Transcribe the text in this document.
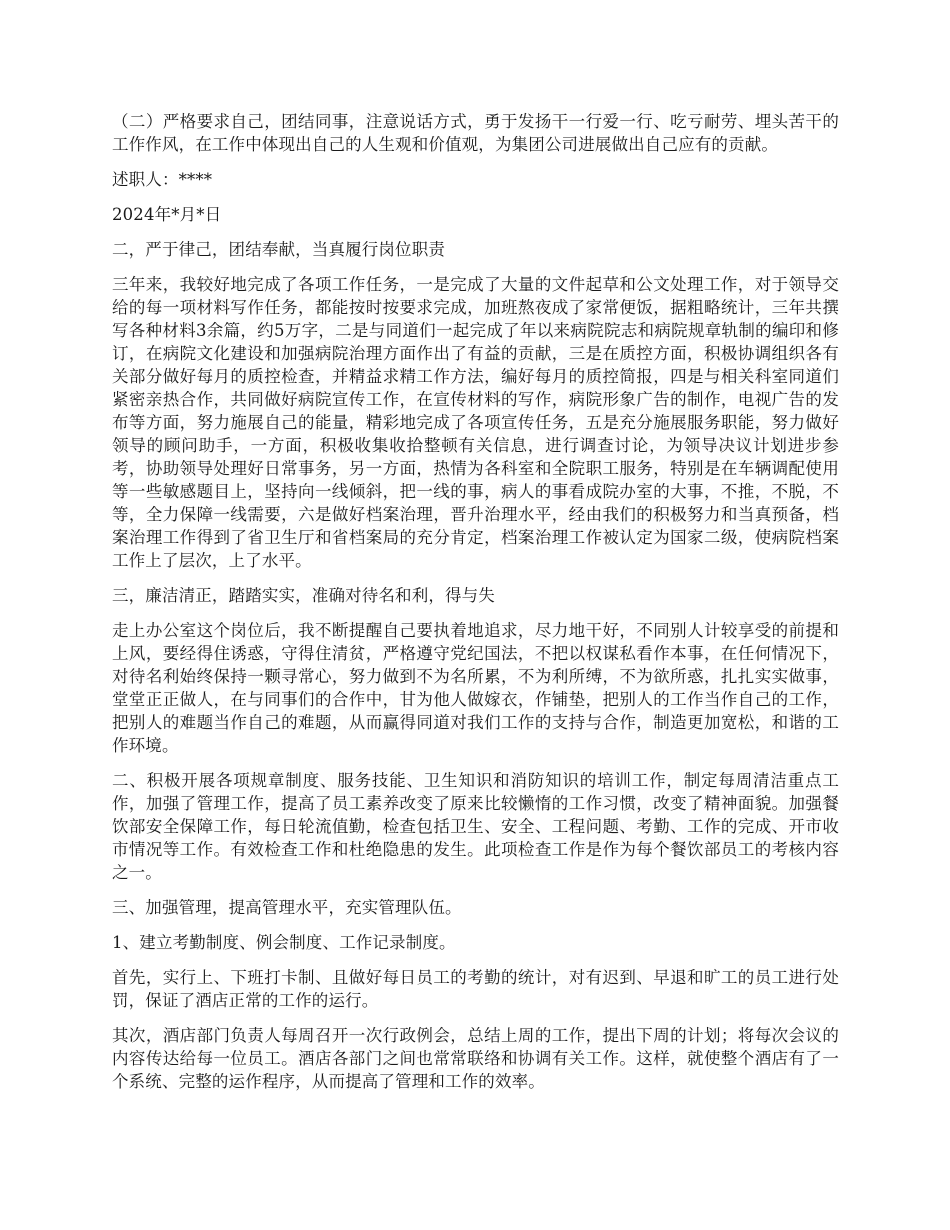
（二）严格要求自己，团结同事，注意说话方式，勇于发扬干一行爱一行、吃亏耐劳、埋头苦干的工作作风，在工作中体现出自己的人生观和价值观，为集团公司进展做出自己应有的贡献。

述职人：****

2024年*月*日

二，严于律己，团结奉献，当真履行岗位职责

三年来，我较好地完成了各项工作任务，一是完成了大量的文件起草和公文处理工作，对于领导交给的每一项材料写作任务，都能按时按要求完成，加班熬夜成了家常便饭，据粗略统计，三年共撰写各种材料3余篇，约5万字，二是与同道们一起完成了年以来病院院志和病院规章轨制的编印和修订，在病院文化建设和加强病院治理方面作出了有益的贡献，三是在质控方面，积极协调组织各有关部分做好每月的质控检查，并精益求精工作方法，编好每月的质控简报，四是与相关科室同道们紧密亲热合作，共同做好病院宣传工作，在宣传材料的写作，病院形象广告的制作，电视广告的发布等方面，努力施展自己的能量，精彩地完成了各项宣传任务，五是充分施展服务职能，努力做好领导的顾问助手，一方面，积极收集收拾整顿有关信息，进行调查讨论，为领导决议计划进步参考，协助领导处理好日常事务，另一方面，热情为各科室和全院职工服务，特别是在车辆调配使用等一些敏感题目上，坚持向一线倾斜，把一线的事，病人的事看成院办室的大事，不推，不脱，不等，全力保障一线需要，六是做好档案治理，晋升治理水平，经由我们的积极努力和当真预备，档案治理工作得到了省卫生厅和省档案局的充分肯定，档案治理工作被认定为国家二级，使病院档案工作上了层次，上了水平。

三，廉洁清正，踏踏实实，准确对待名和利，得与失

走上办公室这个岗位后，我不断提醒自己要执着地追求，尽力地干好，不同别人计较享受的前提和上风，要经得住诱惑，守得住清贫，严格遵守党纪国法，不把以权谋私看作本事，在任何情况下，对待名利始终保持一颗寻常心，努力做到不为名所累，不为利所缚，不为欲所惑，扎扎实实做事，堂堂正正做人，在与同事们的合作中，甘为他人做嫁衣，作铺垫，把别人的工作当作自己的工作，把别人的难题当作自己的难题，从而赢得同道对我们工作的支持与合作，制造更加宽松，和谐的工作环境。

二、积极开展各项规章制度、服务技能、卫生知识和消防知识的培训工作，制定每周清洁重点工作，加强了管理工作，提高了员工素养改变了原来比较懒惰的工作习惯，改变了精神面貌。加强餐饮部安全保障工作，每日轮流值勤，检查包括卫生、安全、工程问题、考勤、工作的完成、开市收市情况等工作。有效检查工作和杜绝隐患的发生。此项检查工作是作为每个餐饮部员工的考核内容之一。

三、加强管理，提高管理水平，充实管理队伍。

1、建立考勤制度、例会制度、工作记录制度。

首先，实行上、下班打卡制、且做好每日员工的考勤的统计，对有迟到、早退和旷工的员工进行处罚，保证了酒店正常的工作的运行。

其次，酒店部门负责人每周召开一次行政例会，总结上周的工作，提出下周的计划；将每次会议的内容传达给每一位员工。酒店各部门之间也常常联络和协调有关工作。这样，就使整个酒店有了一个系统、完整的运作程序，从而提高了管理和工作的效率。
